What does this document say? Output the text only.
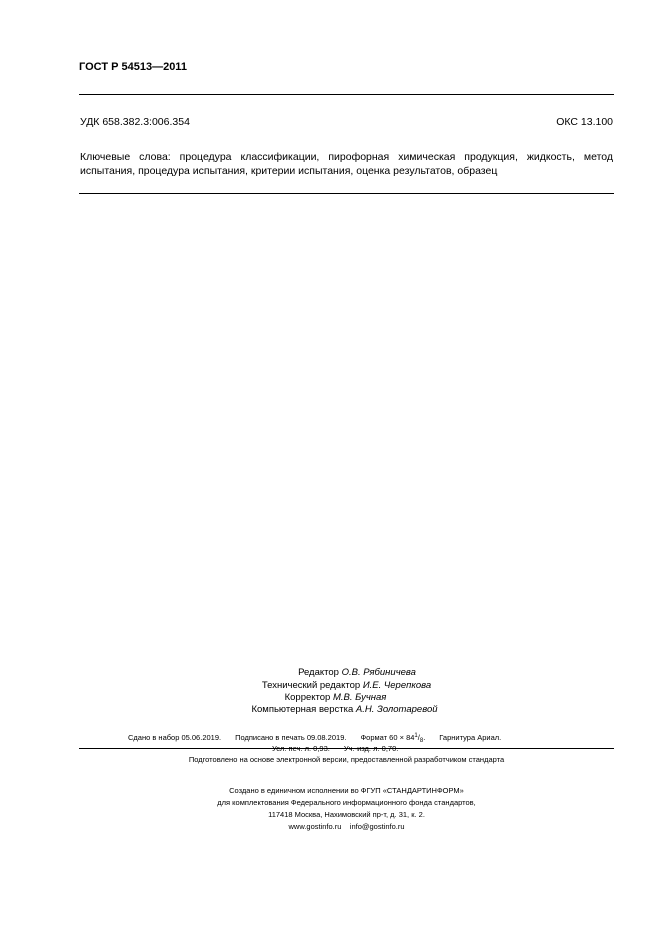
ГОСТ Р 54513—2011
УДК 658.382.3:006.354	ОКС 13.100
Ключевые слова: процедура классификации, пирофорная химическая продукция, жидкость, метод испытания, процедура испытания, критерии испытания, оценка результатов, образец
Редактор О.В. Рябиничева
Технический редактор И.Е. Черепкова
Корректор М.В. Бучная
Компьютерная верстка А.Н. Золотаревой
Сдано в набор 05.06.2019. Подписано в печать 09.08.2019. Формат $60 \times 84^1/_8$. Гарнитура Ариал.
Усл. печ. л. 0,93. Уч.-изд. л. 0,70.
Подготовлено на основе электронной версии, предоставленной разработчиком стандарта
Создано в единичном исполнении во ФГУП «СТАНДАРТИНФОРМ»
для комплектования Федерального информационного фонда стандартов,
117418 Москва, Нахимовский пр-т, д. 31, к. 2.
www.gostinfo.ru info@gostinfo.ru
